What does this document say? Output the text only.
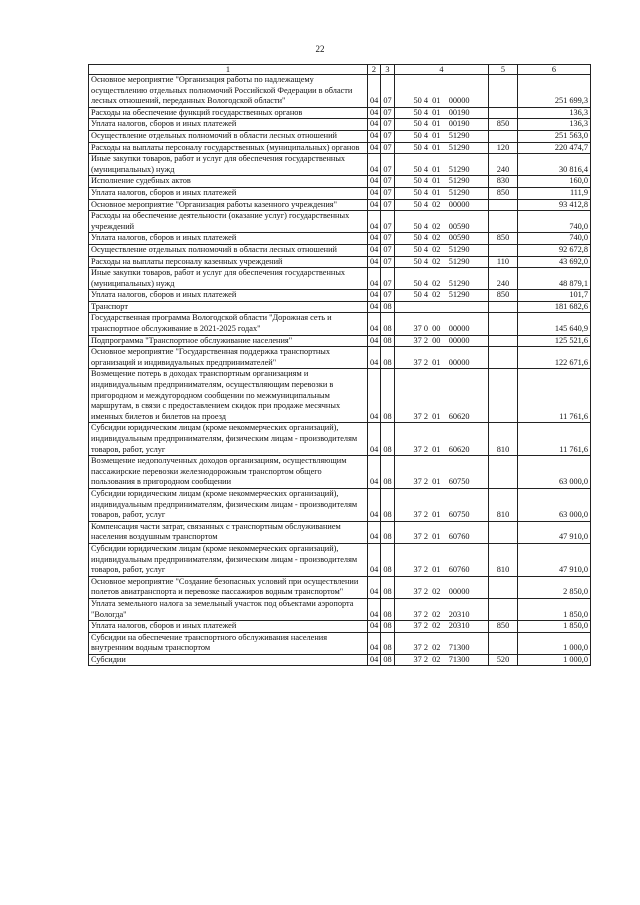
22
1	2	3	4	5	6
Основное мероприятие "Организация работы по надлежащему осуществлению отдельных полномочий Российской Федерации в области лесных отношений, переданных Вологодской области"	04	07	50 4  01    00000		251 699,3
Расходы на обеспечение функций государственных органов	04	07	50 4  01    00190		136,3
Уплата налогов, сборов и иных платежей	04	07	50 4  01    00190	850	136,3
Осуществление отдельных полномочий в области лесных отношений	04	07	50 4  01    51290		251 563,0
Расходы на выплаты персоналу государственных (муниципальных) органов	04	07	50 4  01    51290	120	220 474,7
Иные закупки товаров, работ и услуг для обеспечения государственных (муниципальных) нужд	04	07	50 4  01    51290	240	30 816,4
Исполнение судебных актов	04	07	50 4  01    51290	830	160,0
Уплата налогов, сборов и иных платежей	04	07	50 4  01    51290	850	111,9
Основное мероприятие "Организация работы казенного учреждения"	04	07	50 4  02    00000		93 412,8
Расходы на обеспечение деятельности (оказание услуг) государственных учреждений	04	07	50 4  02    00590		740,0
Уплата налогов, сборов и иных платежей	04	07	50 4  02    00590	850	740,0
Осуществление отдельных полномочий в области лесных отношений	04	07	50 4  02    51290		92 672,8
Расходы на выплаты персоналу казенных учреждений	04	07	50 4  02    51290	110	43 692,0
Иные закупки товаров, работ и услуг для обеспечения государственных (муниципальных) нужд	04	07	50 4  02    51290	240	48 879,1
Уплата налогов, сборов и иных платежей	04	07	50 4  02    51290	850	101,7
Транспорт	04	08			181 682,6
Государственная программа Вологодской области "Дорожная сеть и транспортное обслуживание в 2021-2025 годах"	04	08	37 0  00    00000		145 640,9
Подпрограмма "Транспортное обслуживание населения"	04	08	37 2  00    00000		125 521,6
Основное мероприятие "Государственная поддержка транспортных организаций и индивидуальных предпринимателей"	04	08	37 2  01    00000		122 671,6
Возмещение потерь в доходах транспортным организациям и индивидуальным предпринимателям, осуществляющим перевозки в пригородном и междугородном сообщении по межмуниципальным маршрутам, в связи с предоставлением скидок при продаже месячных именных билетов и билетов на проезд	04	08	37 2  01    60620		11 761,6
Субсидии юридическим лицам (кроме некоммерческих организаций), индивидуальным предпринимателям, физическим лицам - производителям товаров, работ, услуг	04	08	37 2  01    60620	810	11 761,6
Возмещение недополученных доходов организациям, осуществляющим пассажирские перевозки железнодорожным транспортом общего пользования в пригородном сообщении	04	08	37 2  01    60750		63 000,0
Субсидии юридическим лицам (кроме некоммерческих организаций), индивидуальным предпринимателям, физическим лицам - производителям товаров, работ, услуг	04	08	37 2  01    60750	810	63 000,0
Компенсация части затрат, связанных с транспортным обслуживанием населения воздушным транспортом	04	08	37 2  01    60760		47 910,0
Субсидии юридическим лицам (кроме некоммерческих организаций), индивидуальным предпринимателям, физическим лицам - производителям товаров, работ, услуг	04	08	37 2  01    60760	810	47 910,0
Основное мероприятие "Создание безопасных условий при осуществлении полетов авиатранспорта и перевозке пассажиров водным транспортом"	04	08	37 2  02    00000		2 850,0
Уплата земельного налога за земельный участок под объектами аэропорта "Вологда"	04	08	37 2  02    20310		1 850,0
Уплата налогов, сборов и иных платежей	04	08	37 2  02    20310	850	1 850,0
Субсидии на обеспечение транспортного обслуживания населения внутренним водным транспортом	04	08	37 2  02    71300		1 000,0
Субсидии	04	08	37 2  02    71300	520	1 000,0
